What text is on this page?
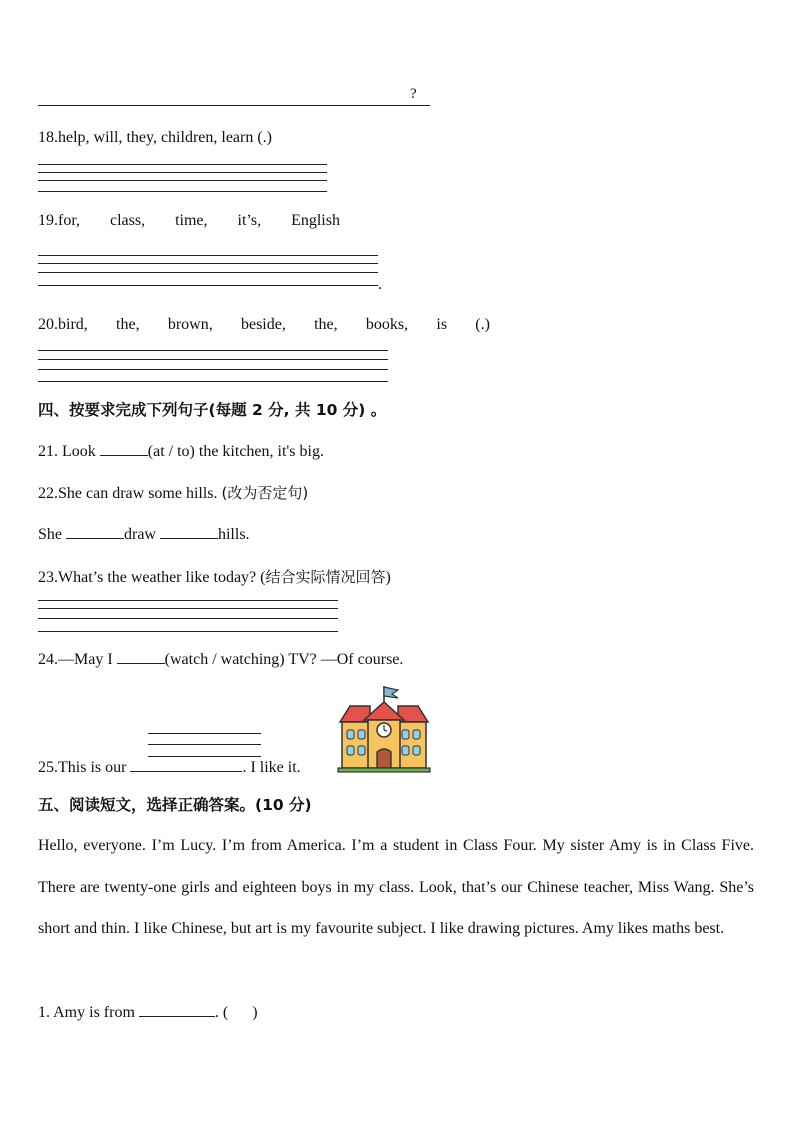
?
18.help, will, they, children, learn (.)
19.for, class, time, it’s, English
.
20.bird, the, brown, beside, the, books, is (.)
四、按要求完成下列句子(每题 2 分, 共 10 分) 。
21. Look	(at / to) the kitchen, it's big.
22.She can draw some hills. (改为否定句)
She	draw	hills.
23.What’s the weather like today? (结合实际情况回答)
24.—May I	(watch / watching) TV? —Of course.
25.This is our	. I like it.
五、阅读短文，选择正确答案。(10 分)
Hello, everyone. I’m Lucy. I’m from America. I’m a student in Class Four. My sister Amy is in Class Five. There are twenty-one girls and eighteen boys in my class. Look, that’s our Chinese teacher, Miss Wang. She’s short and thin. I like Chinese, but art is my favourite subject. I like drawing pictures. Amy likes maths best.
1. Amy is from	. (      )
